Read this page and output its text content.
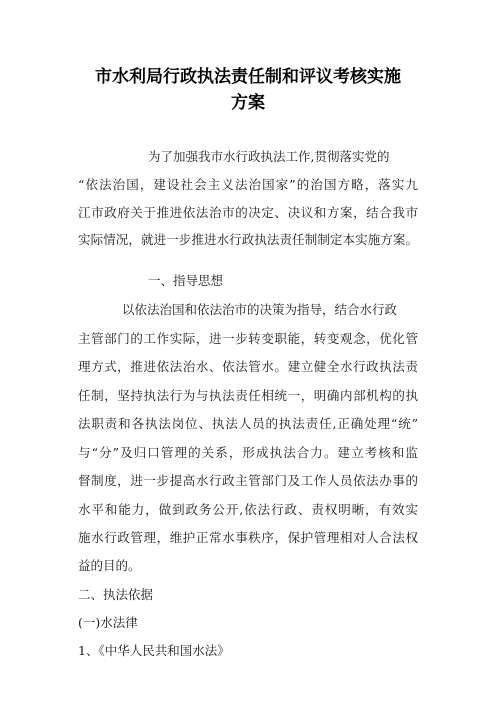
市水利局行政执法责任制和评议考核实施
方案
为了加强我市水行政执法工作,贯彻落实党的
“依法治国，建设社会主义法治国家”的治国方略，落实九
江市政府关于推进依法治市的决定、决议和方案，结合我市
实际情况，就进一步推进水行政执法责任制制定本实施方案。
一、指导思想
以依法治国和依法治市的决策为指导，结合水行政
主管部门的工作实际，进一步转变职能，转变观念，优化管
理方式，推进依法治水、依法管水。建立健全水行政执法责
任制，坚持执法行为与执法责任相统一，明确内部机构的执
法职责和各执法岗位、执法人员的执法责任,正确处理“统”
与“分”及归口管理的关系，形成执法合力。建立考核和监
督制度，进一步提高水行政主管部门及工作人员依法办事的
水平和能力，做到政务公开,依法行政、责权明晰，有效实
施水行政管理，维护正常水事秩序，保护管理相对人合法权
益的目的。
二、执法依据
(一)水法律
1、《中华人民共和国水法》
